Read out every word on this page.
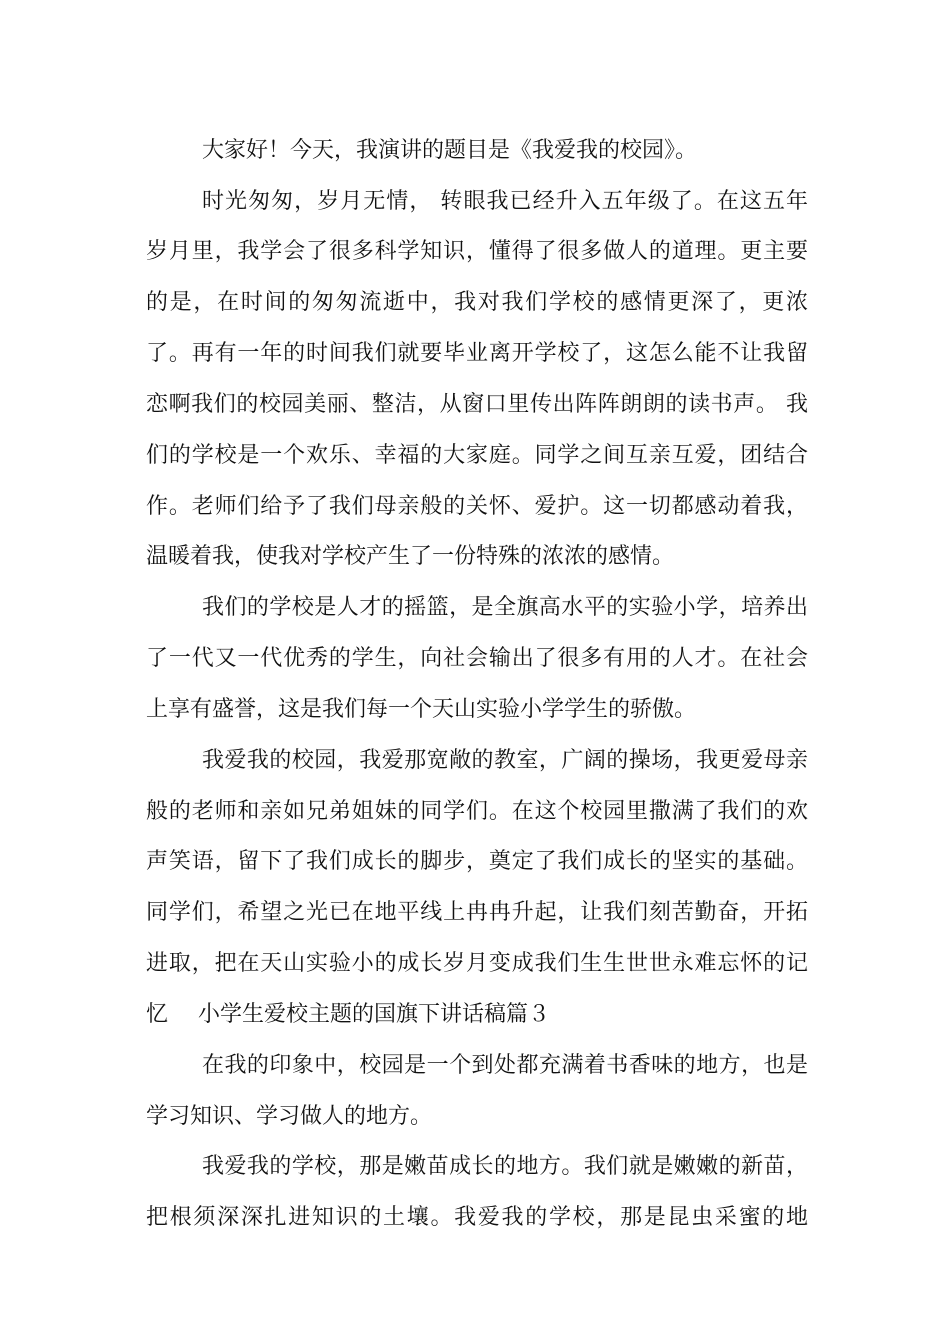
大家好！今天，我演讲的题目是《我爱我的校园》。
时光匆匆，岁月无情， 转眼我已经升入五年级了。在这五年
岁月里，我学会了很多科学知识，懂得了很多做人的道理。更主要
的是，在时间的匆匆流逝中，我对我们学校的感情更深了，更浓
了。再有一年的时间我们就要毕业离开学校了，这怎么能不让我留
恋啊我们的校园美丽、整洁，从窗口里传出阵阵朗朗的读书声。 我
们的学校是一个欢乐、幸福的大家庭。同学之间互亲互爱，团结合
作。老师们给予了我们母亲般的关怀、爱护。这一切都感动着我，
温暖着我，使我对学校产生了一份特殊的浓浓的感情。
我们的学校是人才的摇篮，是全旗高水平的实验小学，培养出
了一代又一代优秀的学生，向社会输出了很多有用的人才。在社会
上享有盛誉，这是我们每一个天山实验小学学生的骄傲。
我爱我的校园，我爱那宽敞的教室，广阔的操场，我更爱母亲
般的老师和亲如兄弟姐妹的同学们。在这个校园里撒满了我们的欢
声笑语，留下了我们成长的脚步，奠定了我们成长的坚实的基础。
同学们，希望之光已在地平线上冉冉升起，让我们刻苦勤奋，开拓
进取，把在天山实验小的成长岁月变成我们生生世世永难忘怀的记
忆 小学生爱校主题的国旗下讲话稿篇３
在我的印象中，校园是一个到处都充满着书香味的地方，也是
学习知识、学习做人的地方。
我爱我的学校，那是嫩苗成长的地方。我们就是嫩嫩的新苗，
把根须深深扎进知识的土壤。我爱我的学校，那是昆虫采蜜的地
